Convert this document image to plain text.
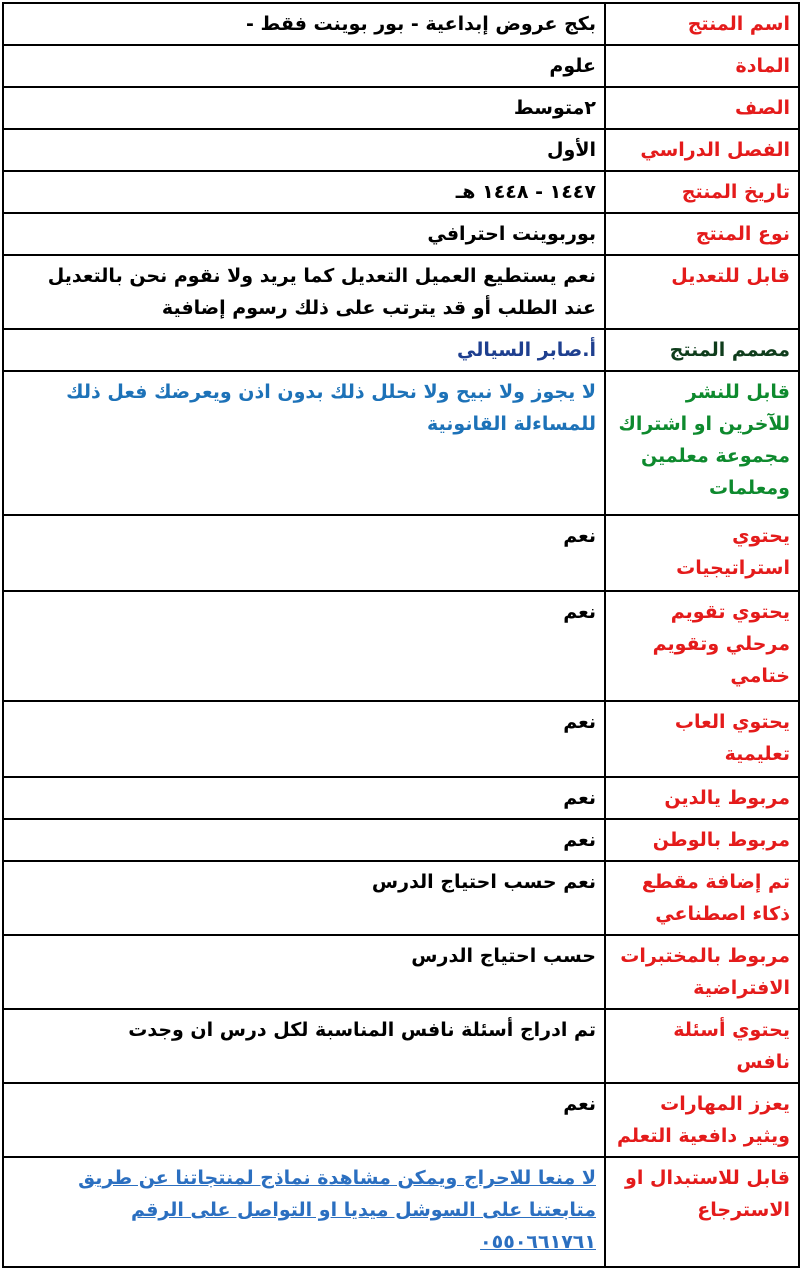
اسم المنتج	بكج عروض إبداعية - بور بوينت فقط -
المادة	علوم
الصف	٢متوسط
الفصل الدراسي	الأول
تاريخ المنتج	١٤٤٧ - ١٤٤٨ هـ
نوع المنتج	بوربوينت احترافي
قابل للتعديل	نعم يستطيع العميل التعديل كما يريد ولا نقوم نحن بالتعديل عند الطلب أو قد يترتب على ذلك رسوم إضافية
مصمم المنتج	أ.صابر السيالي
قابل للنشر للآخرين او اشتراك مجموعة معلمين ومعلمات	لا يجوز ولا نبيح ولا نحلل ذلك بدون اذن ويعرضك فعل ذلك للمساءلة القانونية
يحتوي استراتيجيات	نعم
يحتوي تقويم مرحلي وتقويم ختامي	نعم
يحتوي العاب تعليمية	نعم
مربوط يالدين	نعم
مربوط بالوطن	نعم
تم إضافة مقطع ذكاء اصطناعي	نعم حسب احتياج الدرس
مربوط بالمختبرات الافتراضية	حسب احتياج الدرس
يحتوي أسئلة نافس	تم ادراج أسئلة نافس المناسبة لكل درس ان وجدت
يعزز المهارات ويثير دافعية التعلم	نعم
قابل للاستبدال او الاسترجاع	لا منعا للاحراج ويمكن مشاهدة نماذج لمنتجاتنا عن طريق متابعتنا على السوشل ميديا او التواصل على الرقم ٠٥٥٠٦٦١٧٦١
